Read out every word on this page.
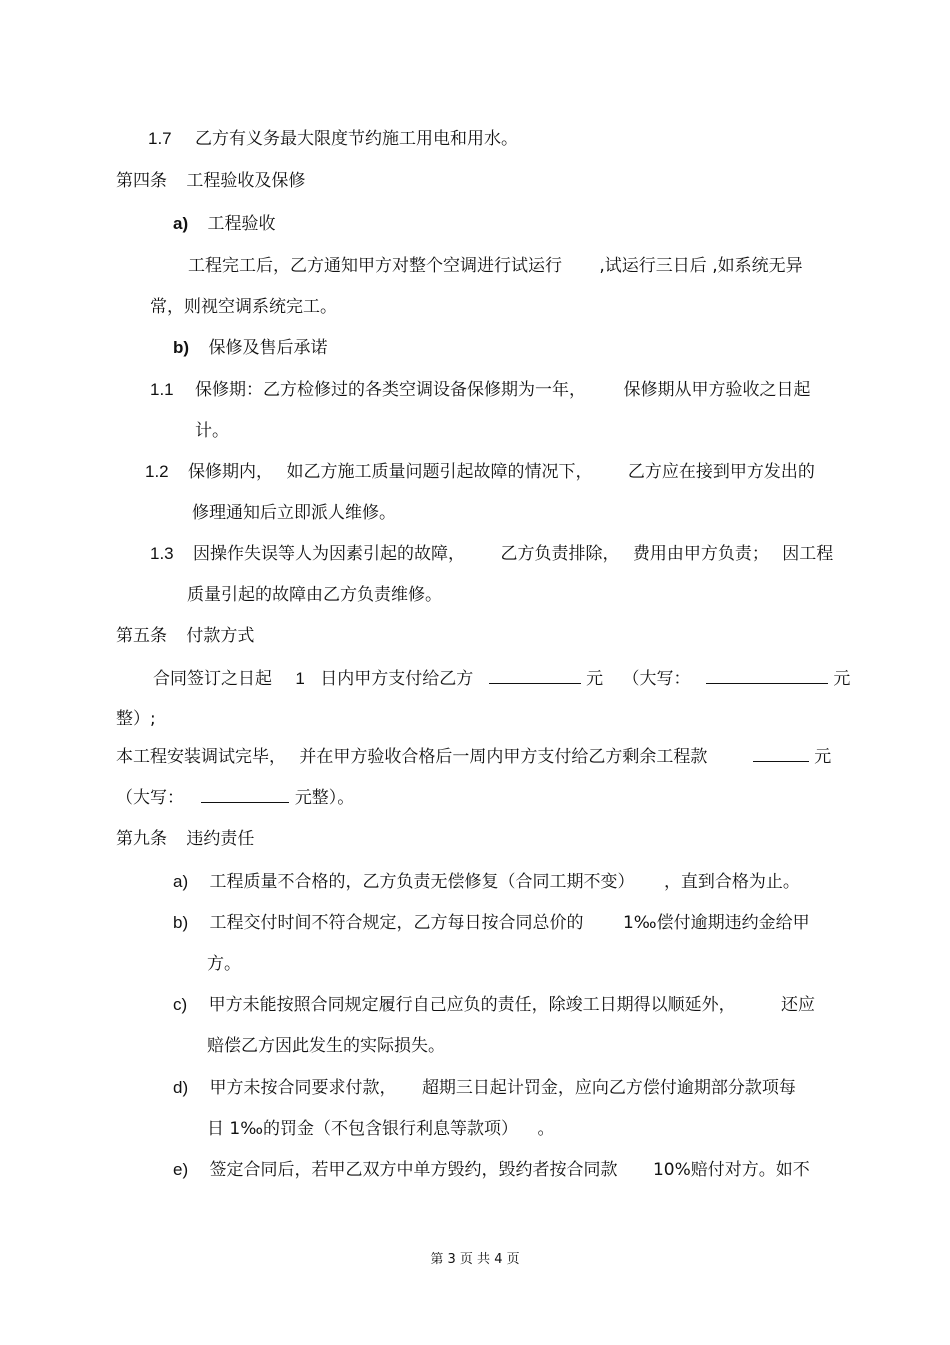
1.7 乙方有义务最大限度节约施工用电和用水。
第四条 工程验收及保修
a) 工程验收
工程完工后，乙方通知甲方对整个空调进行试运行 ,试运行三日后 ,如系统无异
常，则视空调系统完工。
b) 保修及售后承诺
1.1 保修期：乙方检修过的各类空调设备保修期为一年， 保修期从甲方验收之日起
计。
1.2 保修期内， 如乙方施工质量问题引起故障的情况下， 乙方应在接到甲方发出的
修理通知后立即派人维修。
1.3 因操作失误等人为因素引起的故障， 乙方负责排除， 费用由甲方负责； 因工程
质量引起的故障由乙方负责维修。
第五条 付款方式
合同签订之日起 1 日内甲方支付给乙方	元 （大写：	元
整）;
本工程安装调试完毕， 并在甲方验收合格后一周内甲方支付给乙方剩余工程款	元
（大写：	元整）。
第九条 违约责任
a) 工程质量不合格的，乙方负责无偿修复（合同工期不变） ，直到合格为止。
b) 工程交付时间不符合规定，乙方每日按合同总价的 1‰偿付逾期违约金给甲
方。
c) 甲方未能按照合同规定履行自己应负的责任，除竣工日期得以顺延外，	还应
赔偿乙方因此发生的实际损失。
d) 甲方未按合同要求付款， 超期三日起计罚金，应向乙方偿付逾期部分款项每
日 1‰的罚金（不包含银行利息等款项） 。
e) 签定合同后，若甲乙双方中单方毁约，毁约者按合同款 10%赔付对方。如不
第 3 页 共 4 页
